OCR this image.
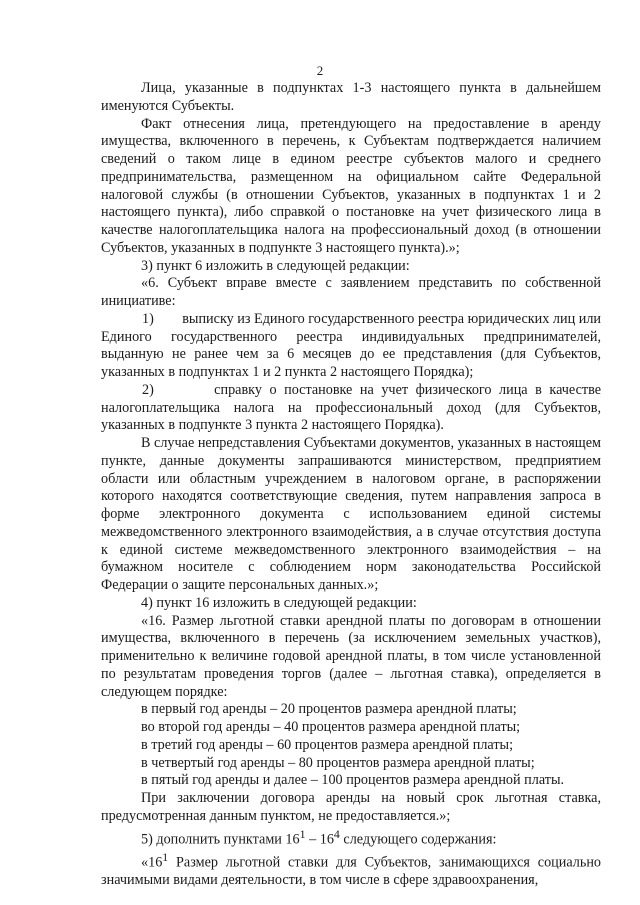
2

Лица, указанные в подпунктах 1-3 настоящего пункта в дальнейшем именуются Субъекты.

Факт отнесения лица, претендующего на предоставление в аренду имущества, включенного в перечень, к Субъектам подтверждается наличием сведений о таком лице в едином реестре субъектов малого и среднего предпринимательства, размещенном на официальном сайте Федеральной налоговой службы (в отношении Субъектов, указанных в подпунктах 1 и 2 настоящего пункта), либо справкой о постановке на учет физического лица в качестве налогоплательщика налога на профессиональный доход (в отношении Субъектов, указанных в подпункте 3 настоящего пункта).»;

3) пункт 6 изложить в следующей редакции:

«6. Субъект вправе вместе с заявлением представить по собственной инициативе:

1)        выписку из Единого государственного реестра юридических лиц или Единого государственного реестра индивидуальных предпринимателей, выданную не ранее чем за 6 месяцев до ее представления (для Субъектов, указанных в подпунктах 1 и 2 пункта 2 настоящего Порядка);

2)        справку о постановке на учет физического лица в качестве налогоплательщика налога на профессиональный доход (для Субъектов, указанных в подпункте 3 пункта 2 настоящего Порядка).

В случае непредставления Субъектами документов, указанных в настоящем пункте, данные документы запрашиваются министерством, предприятием области или областным учреждением в налоговом органе, в распоряжении которого находятся соответствующие сведения, путем направления запроса в форме электронного документа с использованием единой системы межведомственного электронного взаимодействия, а в случае отсутствия доступа к единой системе межведомственного электронного взаимодействия – на бумажном носителе с соблюдением норм законодательства Российской Федерации о защите персональных данных.»;

4) пункт 16 изложить в следующей редакции:

«16. Размер льготной ставки арендной платы по договорам в отношении имущества, включенного в перечень (за исключением земельных участков), применительно к величине годовой арендной платы, в том числе установленной по результатам проведения торгов (далее – льготная ставка), определяется в следующем порядке:

в первый год аренды – 20 процентов размера арендной платы;

во второй год аренды – 40 процентов размера арендной платы;

в третий год аренды – 60 процентов размера арендной платы;

в четвертый год аренды – 80 процентов размера арендной платы;

в пятый год аренды и далее – 100 процентов размера арендной платы.

При заключении договора аренды на новый срок льготная ставка, предусмотренная данным пунктом, не предоставляется.»;

5) дополнить пунктами $16^1 - 16^4$ следующего содержания:

«$16^1$ Размер льготной ставки для Субъектов, занимающихся социально значимыми видами деятельности, в том числе в сфере здравоохранения,
